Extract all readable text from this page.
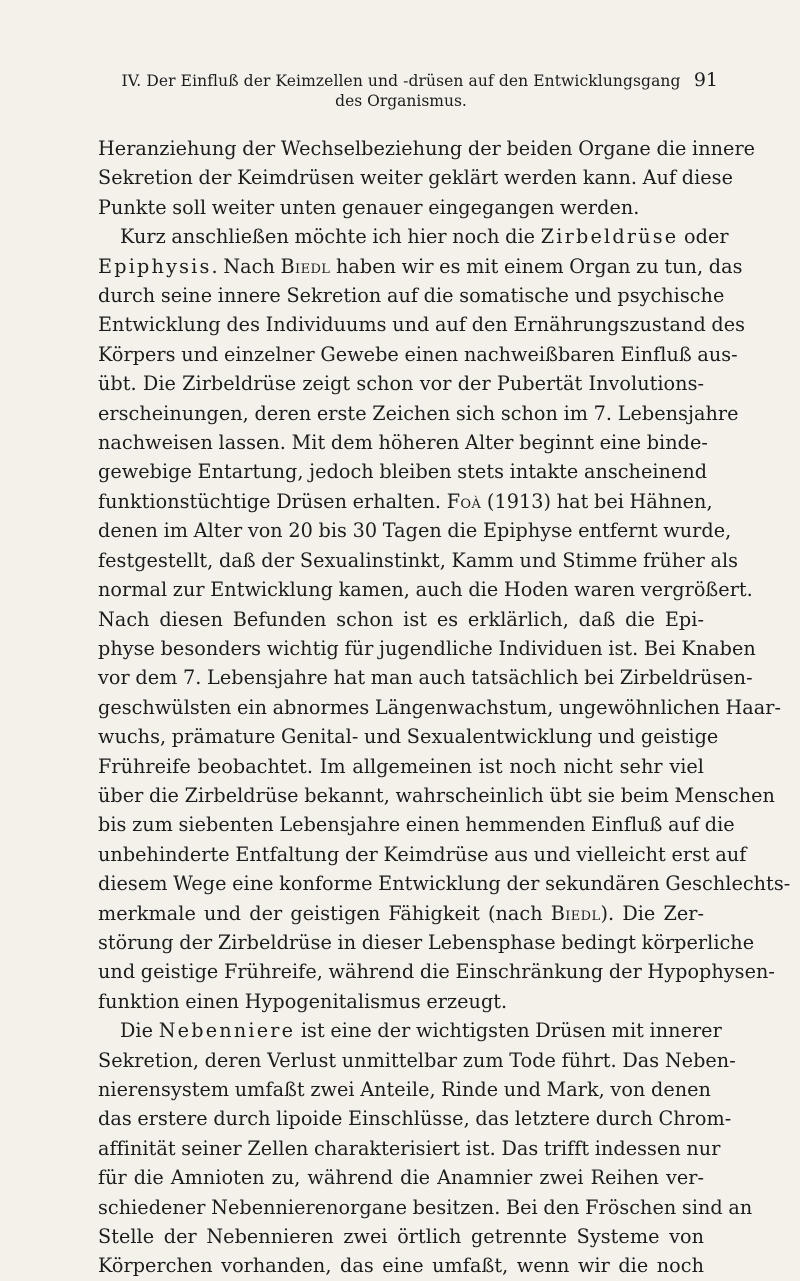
IV. Der Einfluß der Keimzellen und -drüsen auf den Entwicklungsgang
des Organismus.
91
Heranziehung der Wechselbeziehung der beiden Organe die innere
Sekretion der Keimdrüsen weiter geklärt werden kann. Auf diese
Punkte soll weiter unten genauer eingegangen werden.
Kurz anschließen möchte ich hier noch die Zirbeldrüse oder
Epiphysis. Nach Biedl haben wir es mit einem Organ zu tun, das
durch seine innere Sekretion auf die somatische und psychische
Entwicklung des Individuums und auf den Ernährungszustand des
Körpers und einzelner Gewebe einen nachweißbaren Einfluß aus-
übt. Die Zirbeldrüse zeigt schon vor der Pubertät Involutions-
erscheinungen, deren erste Zeichen sich schon im 7. Lebensjahre
nachweisen lassen. Mit dem höheren Alter beginnt eine binde-
gewebige Entartung, jedoch bleiben stets intakte anscheinend
funktionstüchtige Drüsen erhalten. Foà (1913) hat bei Hähnen,
denen im Alter von 20 bis 30 Tagen die Epiphyse entfernt wurde,
festgestellt, daß der Sexualinstinkt, Kamm und Stimme früher als
normal zur Entwicklung kamen, auch die Hoden waren vergrößert.
Nach diesen Befunden schon ist es erklärlich, daß die Epi-
physe besonders wichtig für jugendliche Individuen ist. Bei Knaben
vor dem 7. Lebensjahre hat man auch tatsächlich bei Zirbeldrüsen-
geschwülsten ein abnormes Längenwachstum, ungewöhnlichen Haar-
wuchs, prämature Genital- und Sexualentwicklung und geistige
Frühreife beobachtet. Im allgemeinen ist noch nicht sehr viel
über die Zirbeldrüse bekannt, wahrscheinlich übt sie beim Menschen
bis zum siebenten Lebensjahre einen hemmenden Einfluß auf die
unbehinderte Entfaltung der Keimdrüse aus und vielleicht erst auf
diesem Wege eine konforme Entwicklung der sekundären Geschlechts-
merkmale und der geistigen Fähigkeit (nach Biedl). Die Zer-
störung der Zirbeldrüse in dieser Lebensphase bedingt körperliche
und geistige Frühreife, während die Einschränkung der Hypophysen-
funktion einen Hypogenitalismus erzeugt.
Die Nebenniere ist eine der wichtigsten Drüsen mit innerer
Sekretion, deren Verlust unmittelbar zum Tode führt. Das Neben-
nierensystem umfaßt zwei Anteile, Rinde und Mark, von denen
das erstere durch lipoide Einschlüsse, das letztere durch Chrom-
affinität seiner Zellen charakterisiert ist. Das trifft indessen nur
für die Amnioten zu, während die Anamnier zwei Reihen ver-
schiedener Nebennierenorgane besitzen. Bei den Fröschen sind an
Stelle der Nebennieren zwei örtlich getrennte Systeme von
Körperchen vorhanden, das eine umfaßt, wenn wir die noch
